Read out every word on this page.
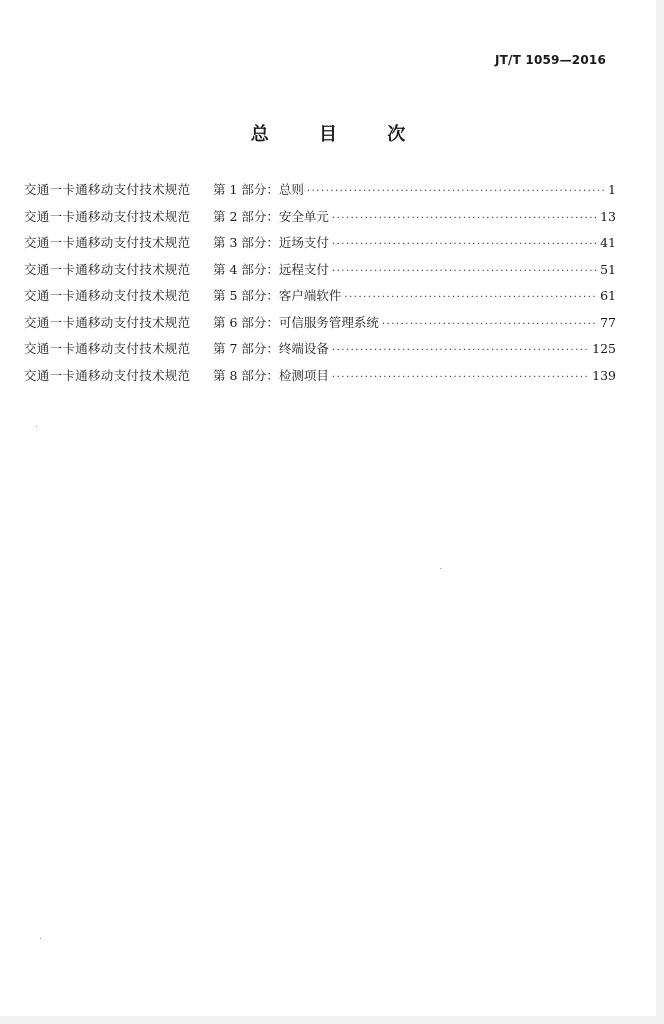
JT/T 1059—2016
总 目 次
交通一卡通移动支付技术规范	第 1 部分：总则 ·····	1
交通一卡通移动支付技术规范	第 2 部分：安全单元 ·····	13
交通一卡通移动支付技术规范	第 3 部分：近场支付 ·····	41
交通一卡通移动支付技术规范	第 4 部分：远程支付 ·····	51
交通一卡通移动支付技术规范	第 5 部分：客户端软件 ·····	61
交通一卡通移动支付技术规范	第 6 部分：可信服务管理系统 ·····	77
交通一卡通移动支付技术规范	第 7 部分：终端设备 ·····	125
交通一卡通移动支付技术规范	第 8 部分：检测项目 ·····	139
